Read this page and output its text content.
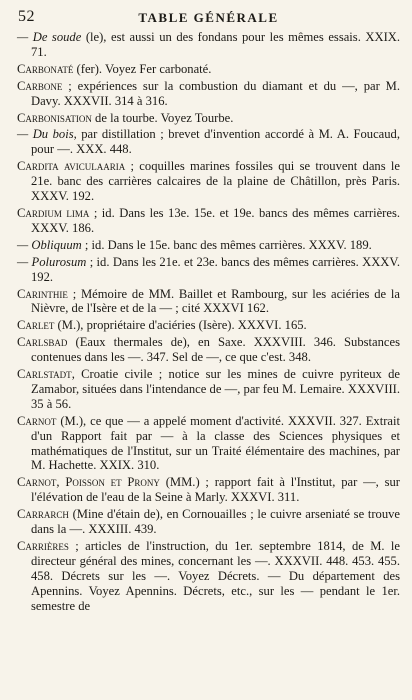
52	TABLE GÉNÉRALE

— De soude (le), est aussi un des fondans pour les mêmes essais. XXIX. 71.

Carbonaté (fer). Voyez Fer carbonaté.

Carbone ; expériences sur la combustion du diamant et du —, par M. Davy. XXXVII. 314 à 316.

Carbonisation de la tourbe. Voyez Tourbe.

— Du bois, par distillation ; brevet d'invention accordé à M. A. Foucaud, pour —. XXX. 448.

Cardita aviculaaria ; coquilles marines fossiles qui se trouvent dans le 21e. banc des carrières calcaires de la plaine de Châtillon, près Paris. XXXV. 192.

Cardium lima ; id. Dans les 13e. 15e. et 19e. bancs des mêmes carrières. XXXV. 186.

— Obliquum ; id. Dans le 15e. banc des mêmes carrières. XXXV. 189.

— Polurosum ; id. Dans les 21e. et 23e. bancs des mêmes carrières. XXXV. 192.

Carinthie ; Mémoire de MM. Baillet et Rambourg, sur les aciéries de la Nièvre, de l'Isère et de la — ; cité XXXVI 162.

Carlet (M.), propriétaire d'aciéries (Isère). XXXVI. 165.

Carlsbad (Eaux thermales de), en Saxe. XXXVIII. 346. Substances contenues dans les —. 347. Sel de —, ce que c'est. 348.

Carlstadt, Croatie civile ; notice sur les mines de cuivre pyriteux de Zamabor, situées dans l'intendance de —, par feu M. Lemaire. XXXVIII. 35 à 56.

Carnot (M.), ce que — a appelé moment d'activité. XXXVII. 327. Extrait d'un Rapport fait par — à la classe des Sciences physiques et mathématiques de l'Institut, sur un Traité élémentaire des machines, par M. Hachette. XXIX. 310.

Carnot, Poisson et Prony (MM.) ; rapport fait à l'Institut, par —, sur l'élévation de l'eau de la Seine à Marly. XXXVI. 311.

Carrarch (Mine d'étain de), en Cornouailles ; le cuivre arseniaté se trouve dans la —. XXXIII. 439.

Carrières ; articles de l'instruction, du 1er. septembre 1814, de M. le directeur général des mines, concernant les —. XXXVII. 448. 453. 455. 458. Décrets sur les —. Voyez Décrets. — Du département des Apennins. Voyez Apennins. Décrets, etc., sur les — pendant le 1er. semestre de
